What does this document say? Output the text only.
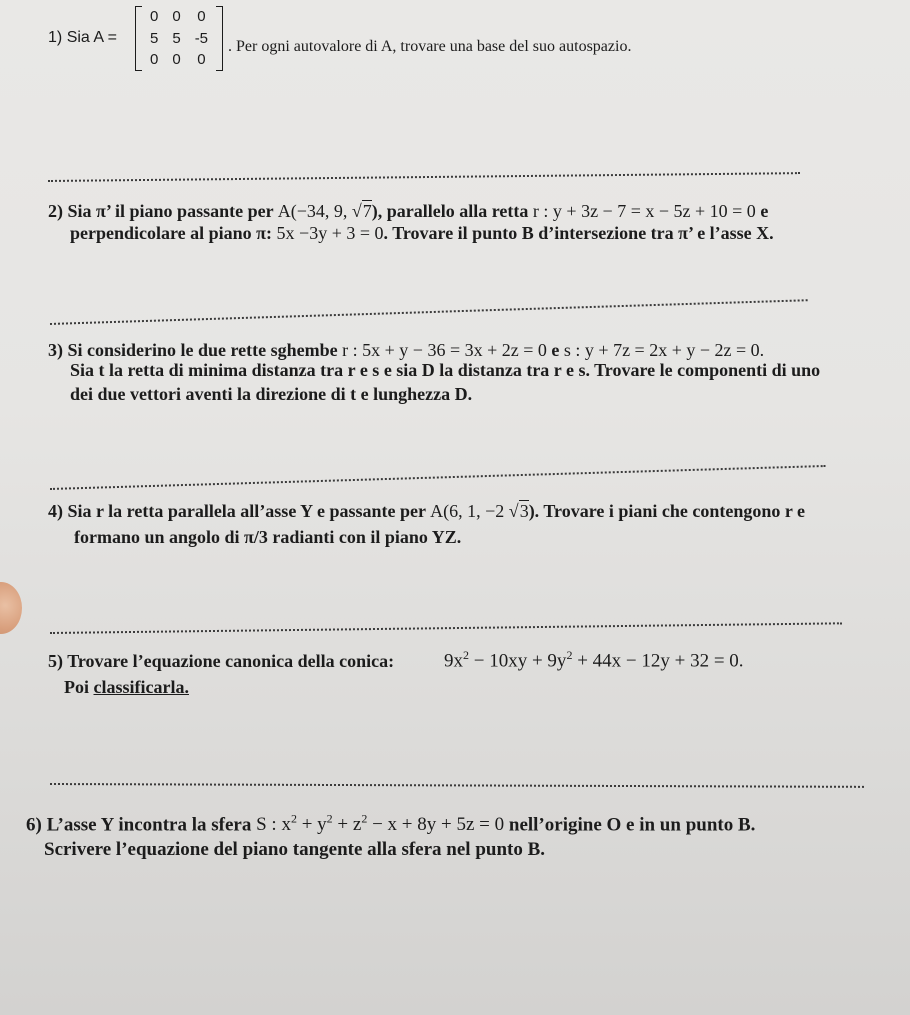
1) Sia A =
0	0	0
5	5	-5
0	0	0
. Per ogni autovalore di A, trovare una base del suo autospazio.
2) Sia π’ il piano passante per A(−34, 9, √7), parallelo alla retta r : y + 3z − 7 = x − 5z + 10 = 0 e
perpendicolare al piano π: 5x −3y + 3 = 0. Trovare il punto B d’intersezione tra π’ e l’asse X.
3) Si considerino le due rette sghembe r : 5x + y − 36 = 3x + 2z = 0 e s : y + 7z = 2x + y − 2z = 0.
Sia t la retta di minima distanza tra r e s e sia D la distanza tra r e s. Trovare le componenti di uno
dei due vettori aventi la direzione di t e lunghezza D.
4) Sia r la retta parallela all’asse Y e passante per A(6, 1, −2 √3). Trovare i piani che contengono r e
formano un angolo di π/3 radianti con il piano YZ.
5) Trovare l’equazione canonica della conica:	$9x^2 - 10xy + 9y^2 + 44x - 12y + 32 = 0$.
Poi classificarla.
6) L’asse Y incontra la sfera S : $x^2 + y^2 + z^2 - x + 8y + 5z = 0$ nell’origine O e in un punto B.
Scrivere l’equazione del piano tangente alla sfera nel punto B.
